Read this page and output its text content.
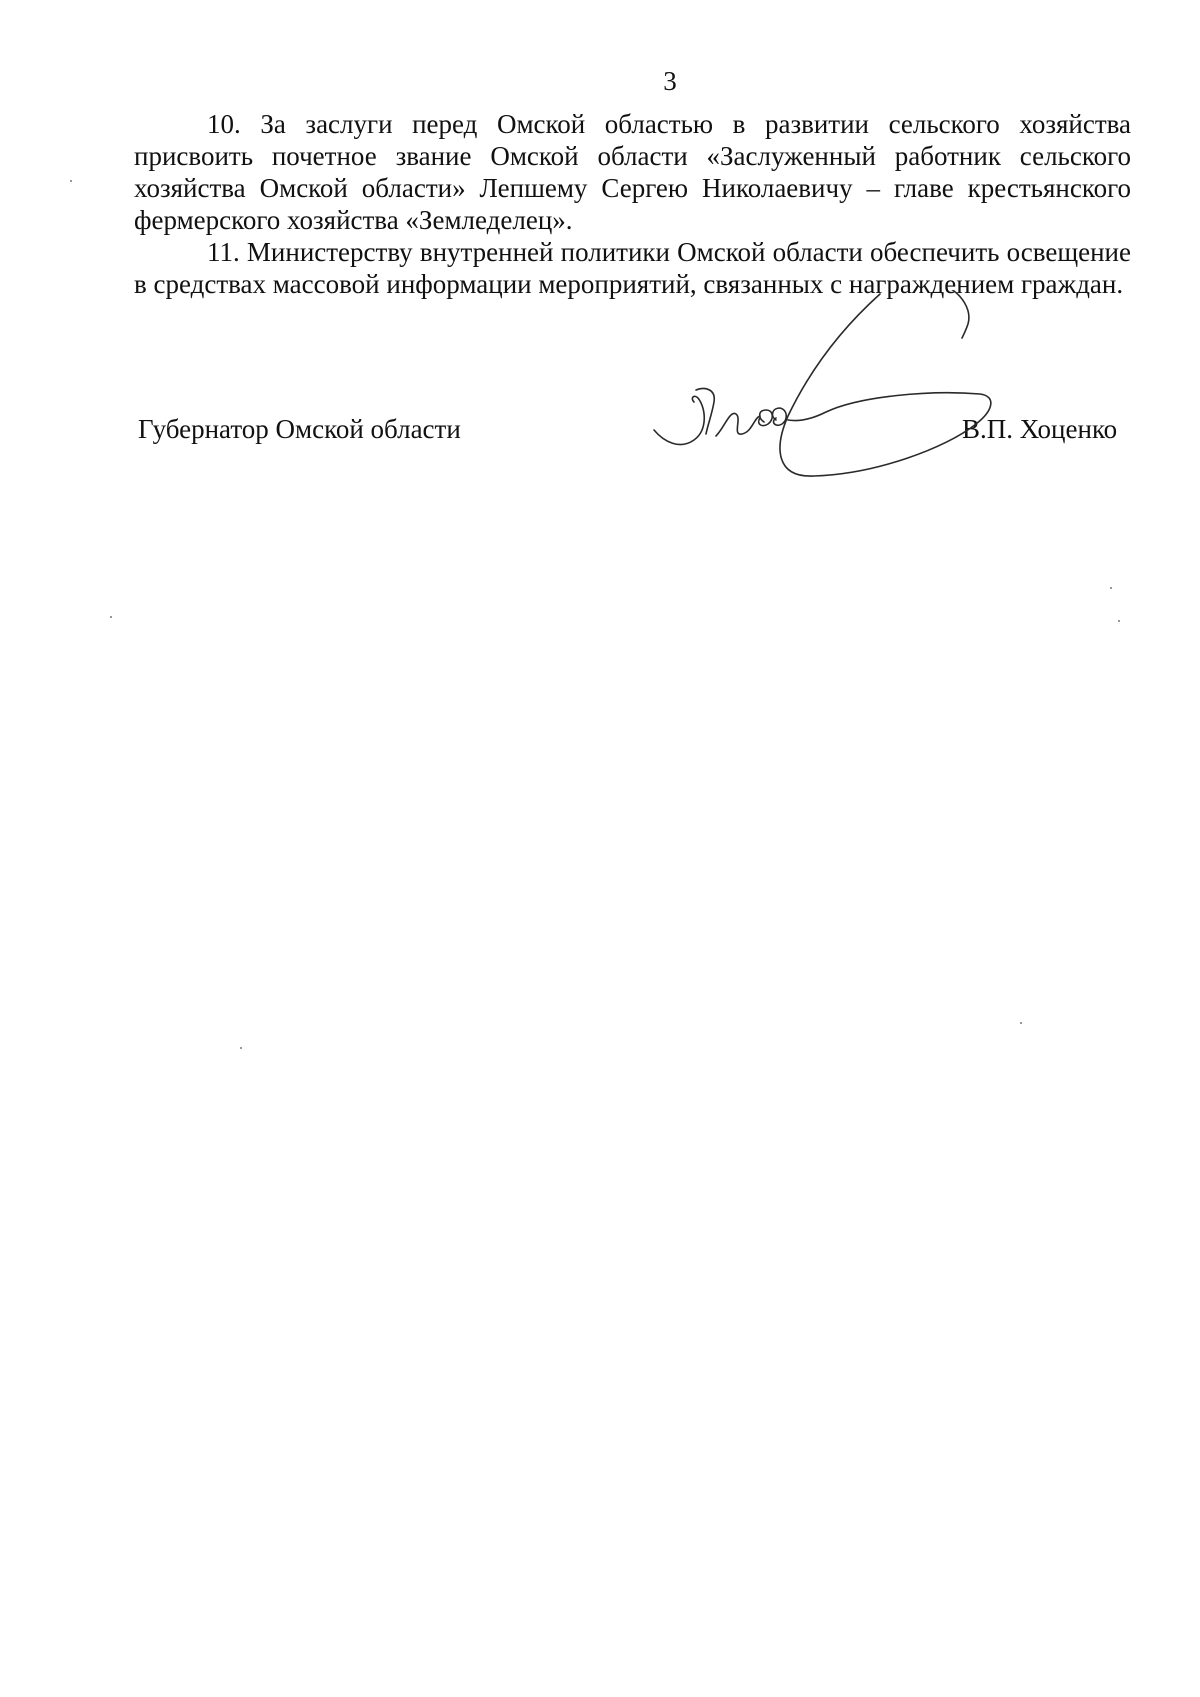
3

10. За заслуги перед Омской областью в развитии сельского хозяйства присвоить почетное звание Омской области «Заслуженный работник сельского хозяйства Омской области» Лепшему Сергею Николаевичу – главе крестьянского фермерского хозяйства «Земледелец».

11. Министерству внутренней политики Омской области обеспечить освещение в средствах массовой информации мероприятий, связанных с награждением граждан.

Губернатор Омской области	В.П. Хоценко
